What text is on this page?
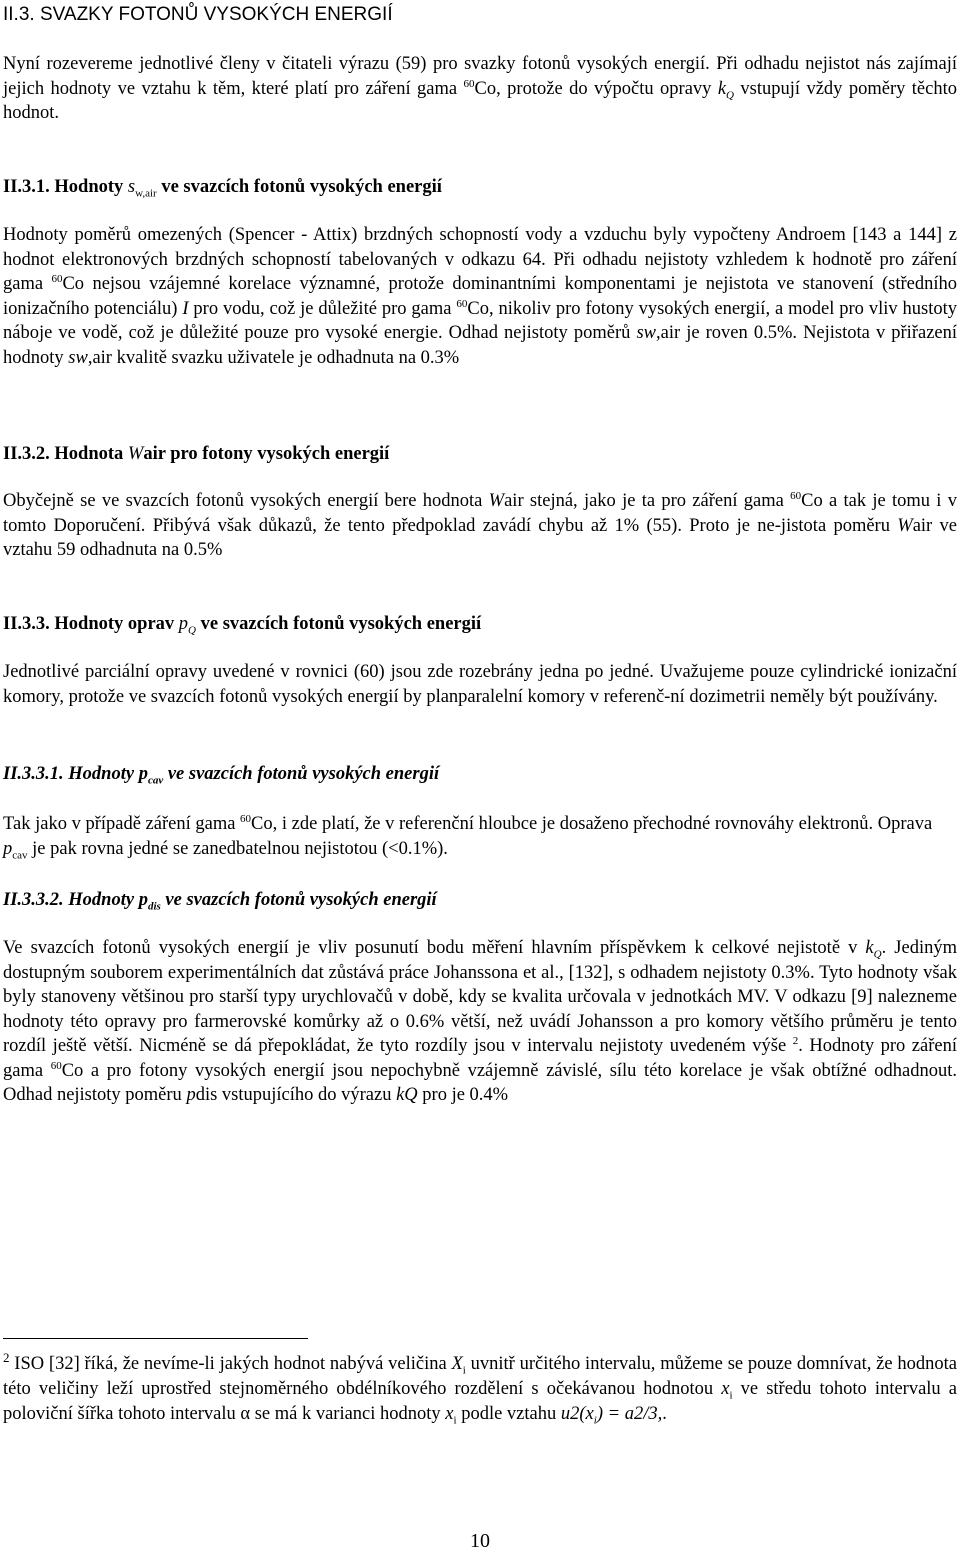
II.3. SVAZKY FOTONŮ VYSOKÝCH ENERGIÍ

Nyní rozevereme jednotlivé členy v čitateli výrazu (59) pro svazky fotonů vysokých energií. Při odhadu nejistot nás zajímají jejich hodnoty ve vztahu k těm, které platí pro záření gama $^{60}$Co, protože do výpočtu opravy $k_Q$ vstupují vždy poměry těchto hodnot.

II.3.1. Hodnoty $s_{w,air}$ ve svazcích fotonů vysokých energií

Hodnoty poměrů omezených (Spencer - Attix) brzdných schopností vody a vzduchu byly vypočteny Androem [143 a 144] z hodnot elektronových brzdných schopností tabelovaných v odkazu 64. Při odhadu nejistoty vzhledem k hodnotě pro záření gama $^{60}$Co nejsou vzájemné korelace významné, protože dominantními komponentami je nejistota ve stanovení (středního ionizačního potenciálu) I pro vodu, což je důležité pro gama $^{60}$Co, nikoliv pro fotony vysokých energií, a model pro vliv hustoty náboje ve vodě, což je důležité pouze pro vysoké energie. Odhad nejistoty poměrů sw,air je roven 0.5%. Nejistota v přiřazení hodnoty sw,air kvalitě svazku uživatele je odhadnuta na 0.3%

II.3.2. Hodnota Wair pro fotony vysokých energií

Obyčejně se ve svazcích fotonů vysokých energií bere hodnota Wair stejná, jako je ta pro záření gama $^{60}$Co a tak je tomu i v tomto Doporučení. Přibývá však důkazů, že tento předpoklad zavádí chybu až 1% (55). Proto je ne-jistota poměru Wair ve vztahu 59 odhadnuta na 0.5%

II.3.3. Hodnoty oprav $p_Q$ ve svazcích fotonů vysokých energií

Jednotlivé parciální opravy uvedené v rovnici (60) jsou zde rozebrány jedna po jedné. Uvažujeme pouze cylindrické ionizační komory, protože ve svazcích fotonů vysokých energií by planparalelní komory v referenč-ní dozimetrii neměly být používány.

II.3.3.1. Hodnoty $p_{cav}$ ve svazcích fotonů vysokých energií

Tak jako v případě záření gama $^{60}$Co, i zde platí, že v referenční hloubce je dosaženo přechodné rovnováhy elektronů. Oprava $p_{cav}$ je pak rovna jedné se zanedbatelnou nejistotou (<0.1%).

II.3.3.2. Hodnoty $p_{dis}$ ve svazcích fotonů vysokých energií

Ve svazcích fotonů vysokých energií je vliv posunutí bodu měření hlavním příspěvkem k celkové nejistotě v $k_Q$. Jediným dostupným souborem experimentálních dat zůstává práce Johanssona et al., [132], s odhadem nejistoty 0.3%. Tyto hodnoty však byly stanoveny většinou pro starší typy urychlovačů v době, kdy se kvalita určovala v jednotkách MV. V odkazu [9] nalezneme hodnoty této opravy pro farmerovské komůrky až o 0.6% větší, než uvádí Johansson a pro komory většího průměru je tento rozdíl ještě větší. Nicméně se dá přepokládat, že tyto rozdíly jsou v intervalu nejistoty uvedeném výše $^2$. Hodnoty pro záření gama $^{60}$Co a pro fotony vysokých energií jsou nepochybně vzájemně závislé, sílu této korelace je však obtížné odhadnout. Odhad nejistoty poměru pdis vstupujícího do výrazu kQ pro je 0.4%

$^2$ ISO [32] říká, že nevíme-li jakých hodnot nabývá veličina $X_i$ uvnitř určitého intervalu, můžeme se pouze domnívat, že hodnota této veličiny leží uprostřed stejnoměrného obdélníkového rozdělení s očekávanou hodnotou $x_i$ ve středu tohoto intervalu a poloviční šířka tohoto intervalu α se má k varianci hodnoty $x_i$ podle vztahu $u2(x_i) = a2/3$,.

10
